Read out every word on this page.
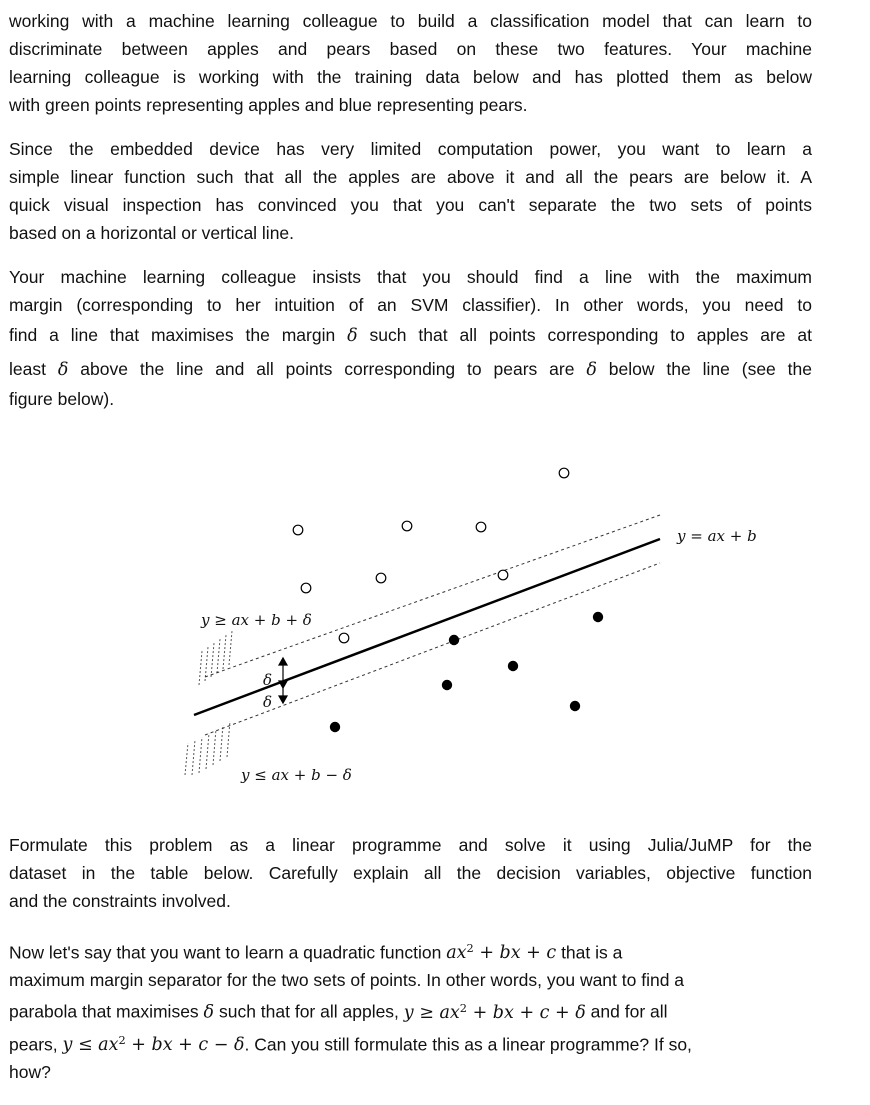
working with a machine learning colleague to build a classification model that can learn to
discriminate between apples and pears based on these two features. Your machine
learning colleague is working with the training data below and has plotted them as below
with green points representing apples and blue representing pears.
Since the embedded device has very limited computation power, you want to learn a
simple linear function such that all the apples are above it and all the pears are below it. A
quick visual inspection has convinced you that you can't separate the two sets of points
based on a horizontal or vertical line.
Your machine learning colleague insists that you should find a line with the maximum
margin (corresponding to her intuition of an SVM classifier). In other words, you need to
find a line that maximises the margin δ such that all points corresponding to apples are at
least δ above the line and all points corresponding to pears are δ below the line (see the
figure below).
y = ax + b
y ≥ ax + b + δ
y ≤ ax + b − δ
δ
δ
Formulate this problem as a linear programme and solve it using Julia/JuMP for the
dataset in the table below. Carefully explain all the decision variables, objective function
and the constraints involved.
Now let's say that you want to learn a quadratic function $ax^2$ + bx + c that is a
maximum margin separator for the two sets of points. In other words, you want to find a
parabola that maximises δ such that for all apples, $y \ge ax^2$ + bx + c + δ and for all
pears, $y \le ax^2$ + bx + c − δ. Can you still formulate this as a linear programme? If so,
how?
